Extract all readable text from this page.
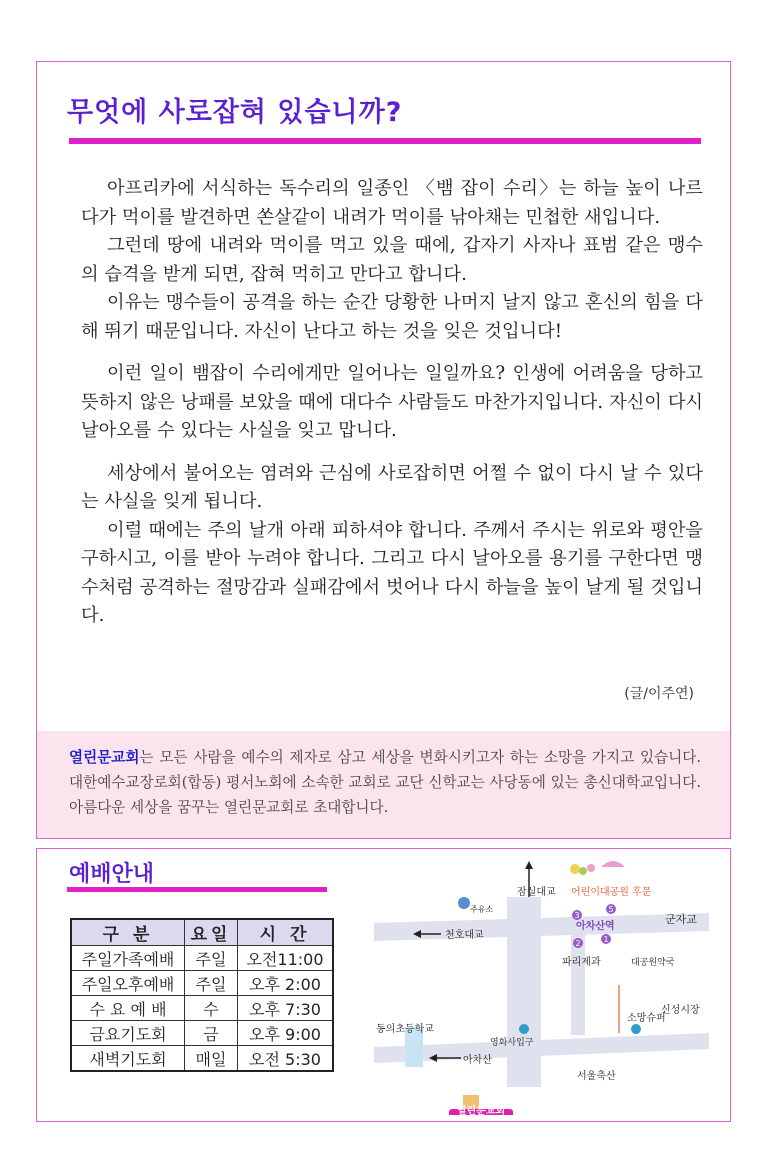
무엇에 사로잡혀 있습니까?

아프리카에 서식하는 독수리의 일종인 〈뱀 잡이 수리〉는 하늘 높이 나르다가 먹이를 발견하면 쏜살같이 내려가 먹이를 낚아채는 민첩한 새입니다.

그런데 땅에 내려와 먹이를 먹고 있을 때에, 갑자기 사자나 표범 같은 맹수의 습격을 받게 되면, 잡혀 먹히고 만다고 합니다.

이유는 맹수들이 공격을 하는 순간 당황한 나머지 날지 않고 혼신의 힘을 다해 뛰기 때문입니다. 자신이 난다고 하는 것을 잊은 것입니다!

이런 일이 뱀잡이 수리에게만 일어나는 일일까요? 인생에 어려움을 당하고 뜻하지 않은 낭패를 보았을 때에 대다수 사람들도 마찬가지입니다. 자신이 다시 날아오를 수 있다는 사실을 잊고 맙니다.

세상에서 불어오는 염려와 근심에 사로잡히면 어쩔 수 없이 다시 날 수 있다는 사실을 잊게 됩니다.

이럴 때에는 주의 날개 아래 피하셔야 합니다. 주께서 주시는 위로와 평안을 구하시고, 이를 받아 누려야 합니다. 그리고 다시 날아오를 용기를 구한다면 맹수처럼 공격하는 절망감과 실패감에서 벗어나 다시 하늘을 높이 날게 될 것입니다.

(글/이주연)
열린문교회는 모든 사람을 예수의 제자로 삼고 세상을 변화시키고자 하는 소망을 가지고 있습니다. 대한예수교장로회(합동) 평서노회에 소속한 교회로 교단 신학교는 사당동에 있는 총신대학교입니다. 아름다운 세상을 꿈꾸는 열린문교회로 초대합니다.
예배안내
구 분	요일	시 간
주일가족예배	주일	오전11:00
주일오후예배	주일	오후 2:00
수 요 예 배	수	오후 7:30
금요기도회	금	오후 9:00
새벽기도회	매일	오전 5:30
3
5
2	1
잠실대교 어린이대공원 후문
주유소
아차산역
군자교
천호대교
파리제과	대공원약국
신성시장
소망슈퍼
동의초등학교
영화사입구
아차산
서울축산
열린문교회
